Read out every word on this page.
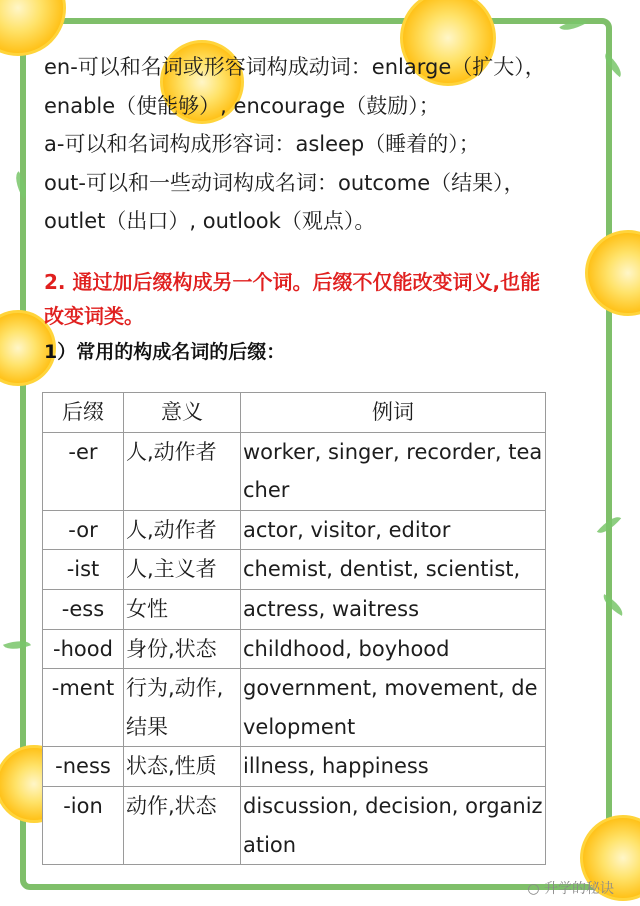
en-可以和名词或形容词构成动词：enlarge（扩大），
enable（使能够）, encourage（鼓励）；
a-可以和名词构成形容词：asleep（睡着的）；
out-可以和一些动词构成名词：outcome（结果），
outlet（出口）, outlook（观点）。
2. 通过加后缀构成另一个词。后缀不仅能改变词义,也能
改变词类。
1）常用的构成名词的后缀：
后缀	意义	例词
-er	人,动作者	worker, singer, recorder, teacher
-or	人,动作者	actor, visitor, editor
-ist	人,主义者	chemist, dentist, scientist,
-ess	女性	actress, waitress
-hood	身份,状态	childhood, boyhood
-ment	行为,动作,结果	government, movement, development
-ness	状态,性质	illness, happiness
-ion	动作,状态	discussion, decision, organization
○ 升学的秘诀
